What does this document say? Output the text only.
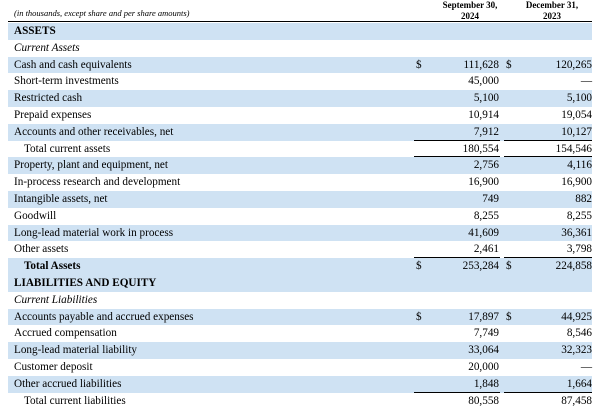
(in thousands, except share and per share amounts)
September 30,
2024
December 31,
2023
ASSETS
Current Assets
Cash and cash equivalents	$	111,628 $	120,265
Short-term investments	45,000	—
Restricted cash	5,100	5,100
Prepaid expenses	10,914	19,054
Accounts and other receivables, net	7,912	10,127
Total current assets	180,554	154,546
Property, plant and equipment, net	2,756	4,116
In-process research and development	16,900	16,900
Intangible assets, net	749	882
Goodwill	8,255	8,255
Long-lead material work in process	41,609	36,361
Other assets	2,461	3,798
Total Assets	$	253,284 $	224,858
LIABILITIES AND EQUITY
Current Liabilities
Accounts payable and accrued expenses	$	17,897 $	44,925
Accrued compensation	7,749	8,546
Long-lead material liability	33,064	32,323
Customer deposit	20,000	—
Other accrued liabilities	1,848	1,664
Total current liabilities	80,558	87,458
